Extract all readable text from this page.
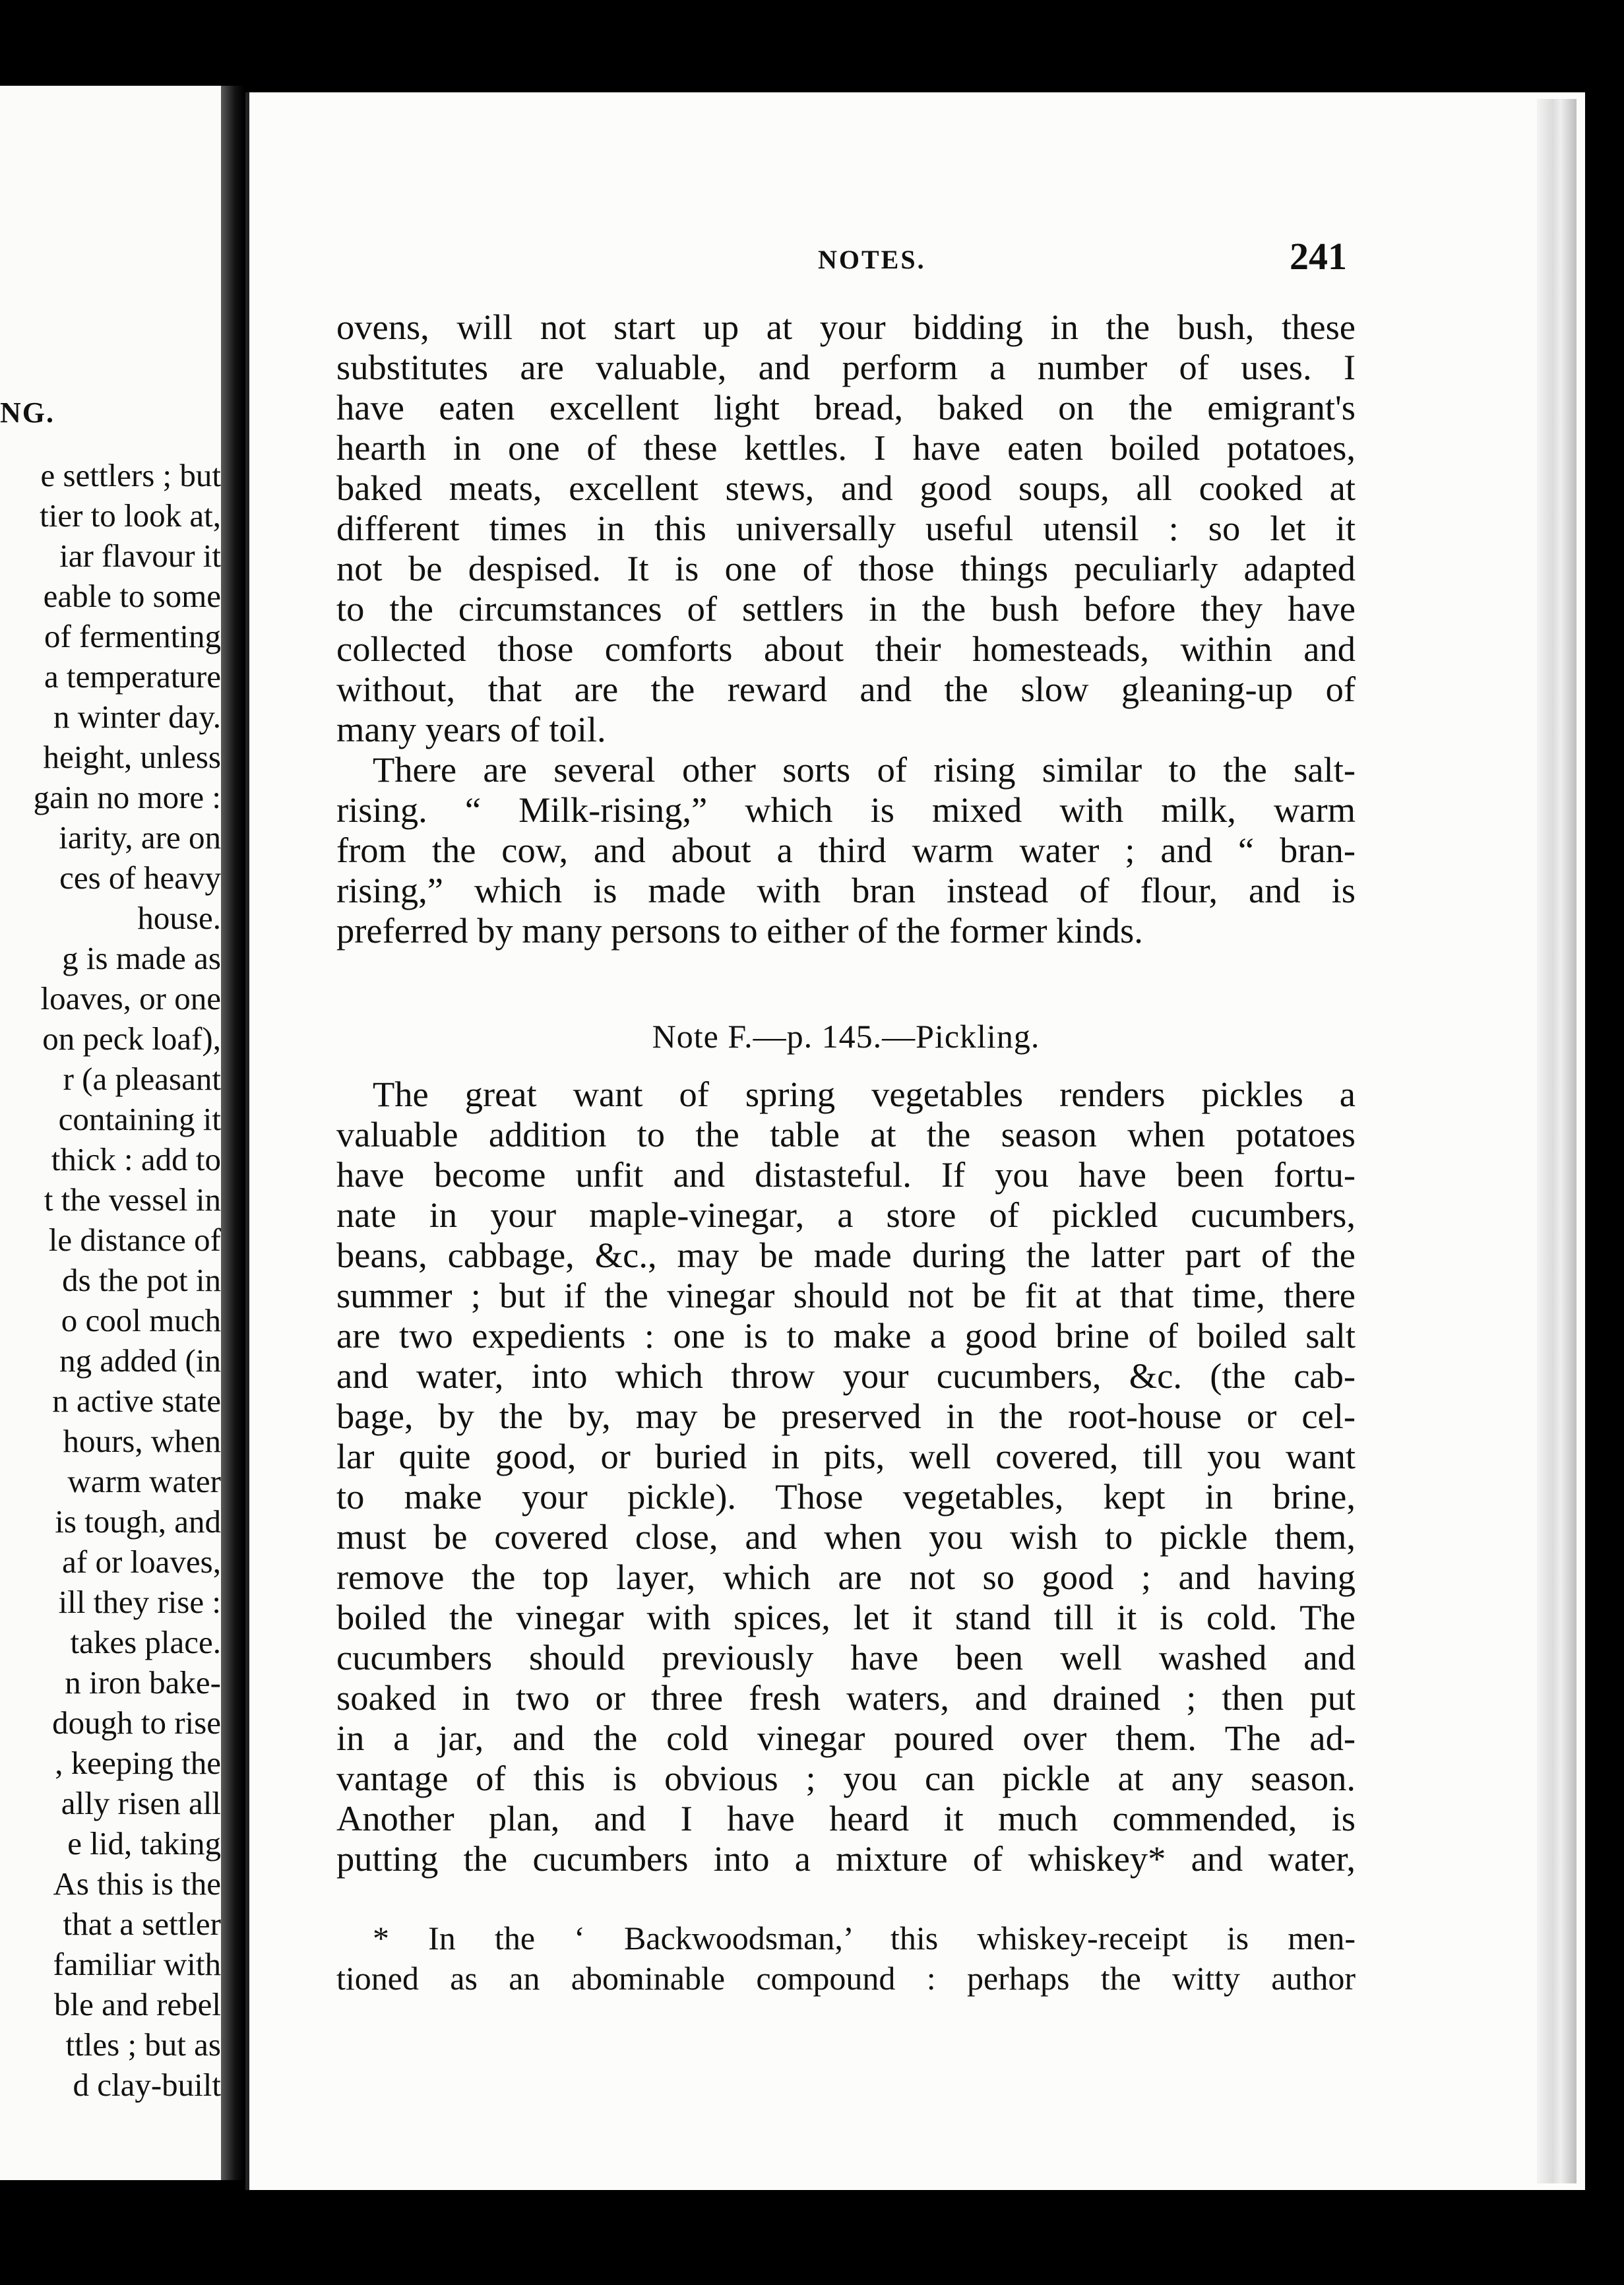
NG.
e settlers ; but
tier to look at,
iar flavour it
eable to some
of fermenting
a temperature
n winter day.
height, unless
gain no more :
iarity, are on
ces of heavy
house.
g is made as
loaves, or one
on peck loaf),
r (a pleasant
containing it
thick : add to
t the vessel in
le distance of
ds the pot in
o cool much
ng added (in
n active state
hours, when
warm water
is tough, and
af or loaves,
ill they rise :
takes place.
n iron bake-
dough to rise
, keeping the
ally risen all
e lid, taking
As this is the
that a settler
familiar with
ble and rebel
ttles ; but as
d clay-built
NOTES.	241
ovens, will not start up at your bidding in the bush, these
substitutes are valuable, and perform a number of uses. I
have eaten excellent light bread, baked on the emigrant's
hearth in one of these kettles. I have eaten boiled potatoes,
baked meats, excellent stews, and good soups, all cooked at
different times in this universally useful utensil : so let it
not be despised. It is one of those things peculiarly adapted
to the circumstances of settlers in the bush before they have
collected those comforts about their homesteads, within and
without, that are the reward and the slow gleaning-up of
many years of toil.
There are several other sorts of rising similar to the salt-
rising. “ Milk-rising,” which is mixed with milk, warm
from the cow, and about a third warm water ; and “ bran-
rising,” which is made with bran instead of flour, and is
preferred by many persons to either of the former kinds.
Note F.—p. 145.—Pickling.
The great want of spring vegetables renders pickles a
valuable addition to the table at the season when potatoes
have become unfit and distasteful. If you have been fortu-
nate in your maple-vinegar, a store of pickled cucumbers,
beans, cabbage, &c., may be made during the latter part of the
summer ; but if the vinegar should not be fit at that time, there
are two expedients : one is to make a good brine of boiled salt
and water, into which throw your cucumbers, &c. (the cab-
bage, by the by, may be preserved in the root-house or cel-
lar quite good, or buried in pits, well covered, till you want
to make your pickle). Those vegetables, kept in brine,
must be covered close, and when you wish to pickle them,
remove the top layer, which are not so good ; and having
boiled the vinegar with spices, let it stand till it is cold. The
cucumbers should previously have been well washed and
soaked in two or three fresh waters, and drained ; then put
in a jar, and the cold vinegar poured over them. The ad-
vantage of this is obvious ; you can pickle at any season.
Another plan, and I have heard it much commended, is
putting the cucumbers into a mixture of whiskey* and water,
* In the ‘ Backwoodsman,’ this whiskey-receipt is men-
tioned as an abominable compound : perhaps the witty author
